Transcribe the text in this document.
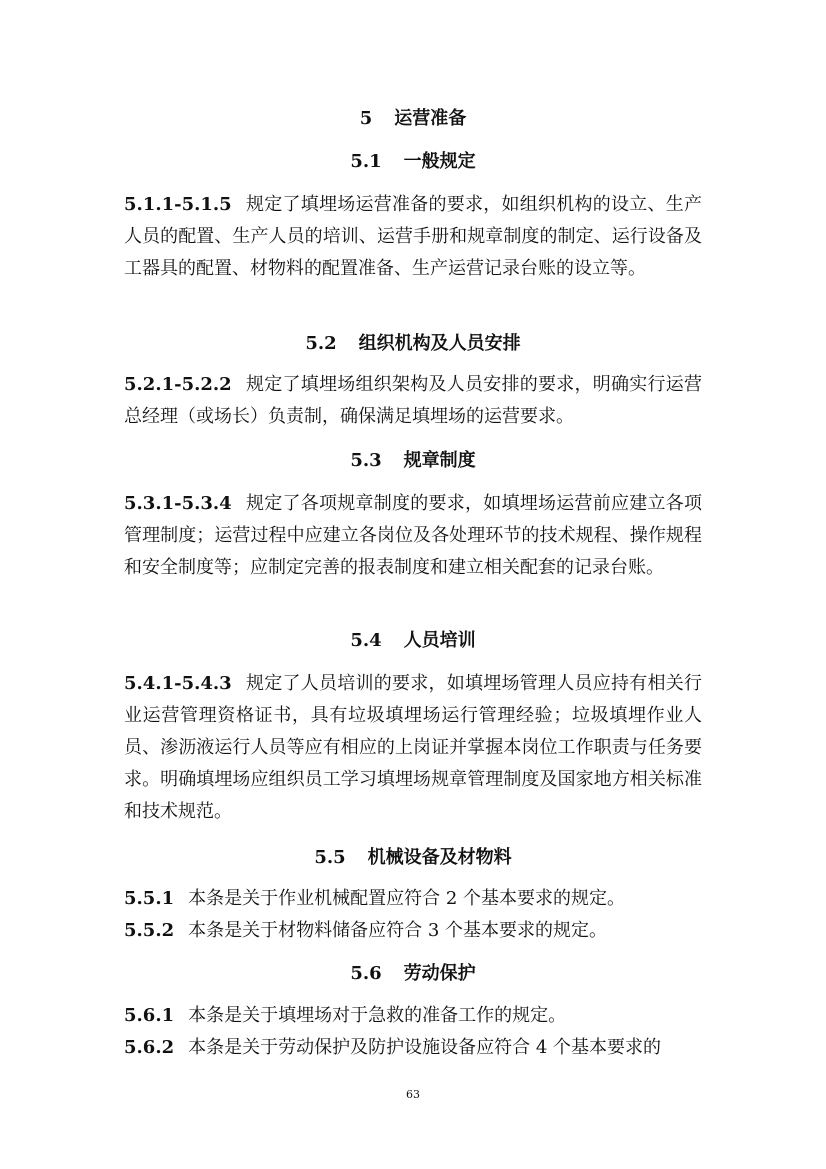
5 运营准备
5.1 一般规定
5.1.1-5.1.5 规定了填埋场运营准备的要求，如组织机构的设立、生产人员的配置、生产人员的培训、运营手册和规章制度的制定、运行设备及工器具的配置、材物料的配置准备、生产运营记录台账的设立等。
5.2 组织机构及人员安排
5.2.1-5.2.2 规定了填埋场组织架构及人员安排的要求，明确实行运营总经理（或场长）负责制，确保满足填埋场的运营要求。
5.3 规章制度
5.3.1-5.3.4 规定了各项规章制度的要求，如填埋场运营前应建立各项管理制度；运营过程中应建立各岗位及各处理环节的技术规程、操作规程和安全制度等；应制定完善的报表制度和建立相关配套的记录台账。
5.4 人员培训
5.4.1-5.4.3 规定了人员培训的要求，如填埋场管理人员应持有相关行业运营管理资格证书，具有垃圾填埋场运行管理经验；垃圾填埋作业人员、渗沥液运行人员等应有相应的上岗证并掌握本岗位工作职责与任务要求。明确填埋场应组织员工学习填埋场规章管理制度及国家地方相关标准和技术规范。
5.5 机械设备及材物料
5.5.1 本条是关于作业机械配置应符合 2 个基本要求的规定。
5.5.2 本条是关于材物料储备应符合 3 个基本要求的规定。
5.6 劳动保护
5.6.1 本条是关于填埋场对于急救的准备工作的规定。
5.6.2 本条是关于劳动保护及防护设施设备应符合 4 个基本要求的
63
